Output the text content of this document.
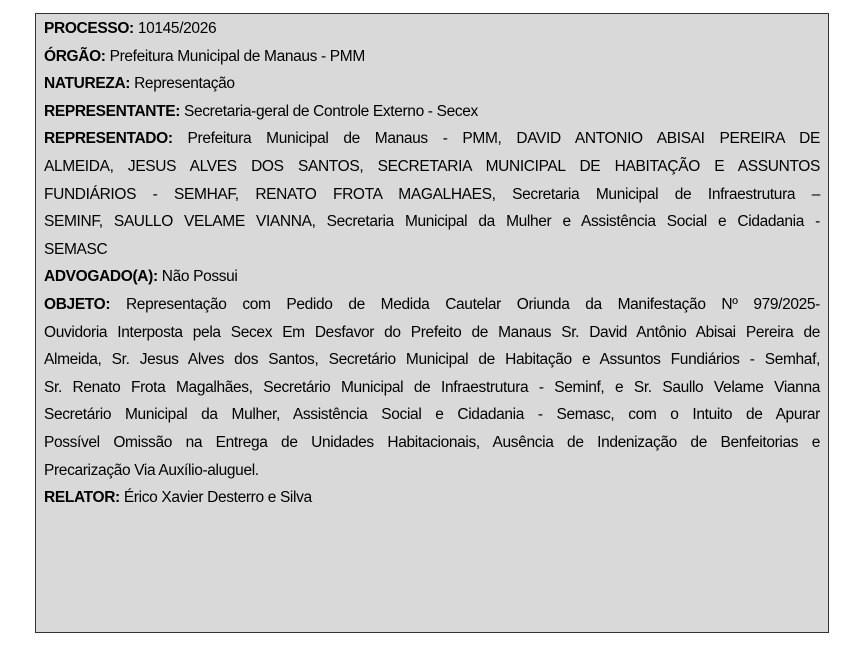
PROCESSO: 10145/2026

ÓRGÃO: Prefeitura Municipal de Manaus - PMM

NATUREZA: Representação

REPRESENTANTE: Secretaria-geral de Controle Externo - Secex

REPRESENTADO: Prefeitura Municipal de Manaus - PMM, DAVID ANTONIO ABISAI PEREIRA DE
ALMEIDA, JESUS ALVES DOS SANTOS, SECRETARIA MUNICIPAL DE HABITAÇÃO E ASSUNTOS
FUNDIÁRIOS - SEMHAF, RENATO FROTA MAGALHAES, Secretaria Municipal de Infraestrutura –
SEMINF, SAULLO VELAME VIANNA, Secretaria Municipal da Mulher e Assistência Social e Cidadania -
SEMASC

ADVOGADO(A): Não Possui

OBJETO: Representação com Pedido de Medida Cautelar Oriunda da Manifestação Nº 979/2025-
Ouvidoria Interposta pela Secex Em Desfavor do Prefeito de Manaus Sr. David Antônio Abisai Pereira de
Almeida, Sr. Jesus Alves dos Santos, Secretário Municipal de Habitação e Assuntos Fundiários - Semhaf,
Sr. Renato Frota Magalhães, Secretário Municipal de Infraestrutura - Seminf, e Sr. Saullo Velame Vianna
Secretário Municipal da Mulher, Assistência Social e Cidadania - Semasc, com o Intuito de Apurar
Possível Omissão na Entrega de Unidades Habitacionais, Ausência de Indenização de Benfeitorias e
Precarização Via Auxílio-aluguel.

RELATOR: Érico Xavier Desterro e Silva
